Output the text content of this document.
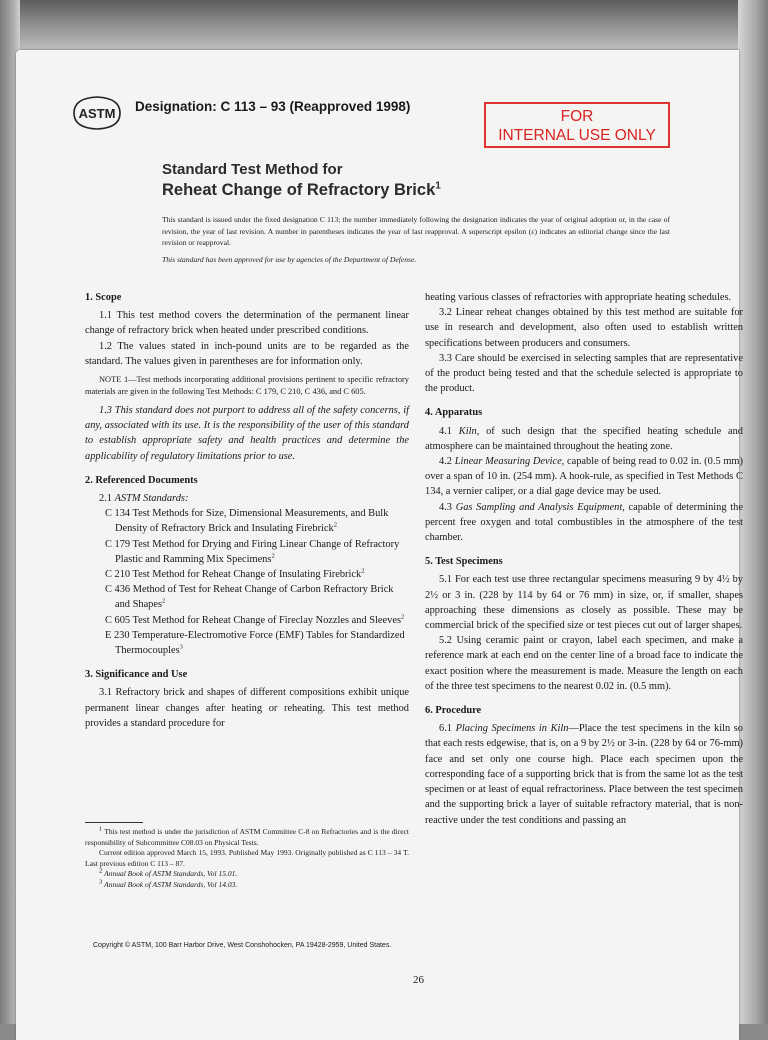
ASTM Designation: C 113 – 93 (Reapproved 1998)
FOR
INTERNAL USE ONLY
Standard Test Method for
Reheat Change of Refractory Brick$^1$
This standard is issued under the fixed designation C 113; the number immediately following the designation indicates the year of original adoption or, in the case of revision, the year of last revision. A number in parentheses indicates the year of last reapproval. A superscript epsilon (ε) indicates an editorial change since the last revision or reapproval.
This standard has been approved for use by agencies of the Department of Defense.

1. Scope

1.1 This test method covers the determination of the permanent linear change of refractory brick when heated under prescribed conditions.

1.2 The values stated in inch-pound units are to be regarded as the standard. The values given in parentheses are for information only.

NOTE 1—Test methods incorporating additional provisions pertinent to specific refractory materials are given in the following Test Methods: C 179, C 210, C 436, and C 605.

1.3 This standard does not purport to address all of the safety concerns, if any, associated with its use. It is the responsibility of the user of this standard to establish appropriate safety and health practices and determine the applicability of regulatory limitations prior to use.

2. Referenced Documents

2.1 ASTM Standards:

C 134 Test Methods for Size, Dimensional Measurements, and Bulk Density of Refractory Brick and Insulating Firebrick$^2$

C 179 Test Method for Drying and Firing Linear Change of Refractory Plastic and Ramming Mix Specimens$^2$

C 210 Test Method for Reheat Change of Insulating Firebrick$^2$

C 436 Method of Test for Reheat Change of Carbon Refractory Brick and Shapes$^2$

C 605 Test Method for Reheat Change of Fireclay Nozzles and Sleeves$^2$

E 230 Temperature-Electromotive Force (EMF) Tables for Standardized Thermocouples$^3$

3. Significance and Use

3.1 Refractory brick and shapes of different compositions exhibit unique permanent linear changes after heating or reheating. This test method provides a standard procedure for

$^1$ This test method is under the jurisdiction of ASTM Committee C-8 on Refractories and is the direct responsibility of Subcommittee C08.03 on Physical Tests.

Current edition approved March 15, 1993. Published May 1993. Originally published as C 113 – 34 T. Last previous edition C 113 – 87.

$^2$ Annual Book of ASTM Standards, Vol 15.01.

$^3$ Annual Book of ASTM Standards, Vol 14.03.

heating various classes of refractories with appropriate heating schedules.

3.2 Linear reheat changes obtained by this test method are suitable for use in research and development, also often used to establish written specifications between producers and consumers.

3.3 Care should be exercised in selecting samples that are representative of the product being tested and that the schedule selected is appropriate to the product.

4. Apparatus

4.1 Kiln, of such design that the specified heating schedule and atmosphere can be maintained throughout the heating zone.

4.2 Linear Measuring Device, capable of being read to 0.02 in. (0.5 mm) over a span of 10 in. (254 mm). A hook-rule, as specified in Test Methods C 134, a vernier caliper, or a dial gage device may be used.

4.3 Gas Sampling and Analysis Equipment, capable of determining the percent free oxygen and total combustibles in the atmosphere of the test chamber.

5. Test Specimens

5.1 For each test use three rectangular specimens measuring 9 by 4½ by 2½ or 3 in. (228 by 114 by 64 or 76 mm) in size, or, if smaller, shapes approaching these dimensions as closely as possible. These may be commercial brick of the specified size or test pieces cut out of larger shapes.

5.2 Using ceramic paint or crayon, label each specimen, and make a reference mark at each end on the center line of a broad face to indicate the exact position where the measurement is made. Measure the length on each of the three test specimens to the nearest 0.02 in. (0.5 mm).

6. Procedure

6.1 Placing Specimens in Kiln—Place the test specimens in the kiln so that each rests edgewise, that is, on a 9 by 2½ or 3-in. (228 by 64 or 76-mm) face and set only one course high. Place each specimen upon the corresponding face of a supporting brick that is from the same lot as the test specimen or at least of equal refractoriness. Place between the test specimen and the supporting brick a layer of suitable refractory material, that is non-reactive under the test conditions and passing an

Copyright © ASTM, 100 Barr Harbor Drive, West Conshohocken, PA 19428-2959, United States.
26
